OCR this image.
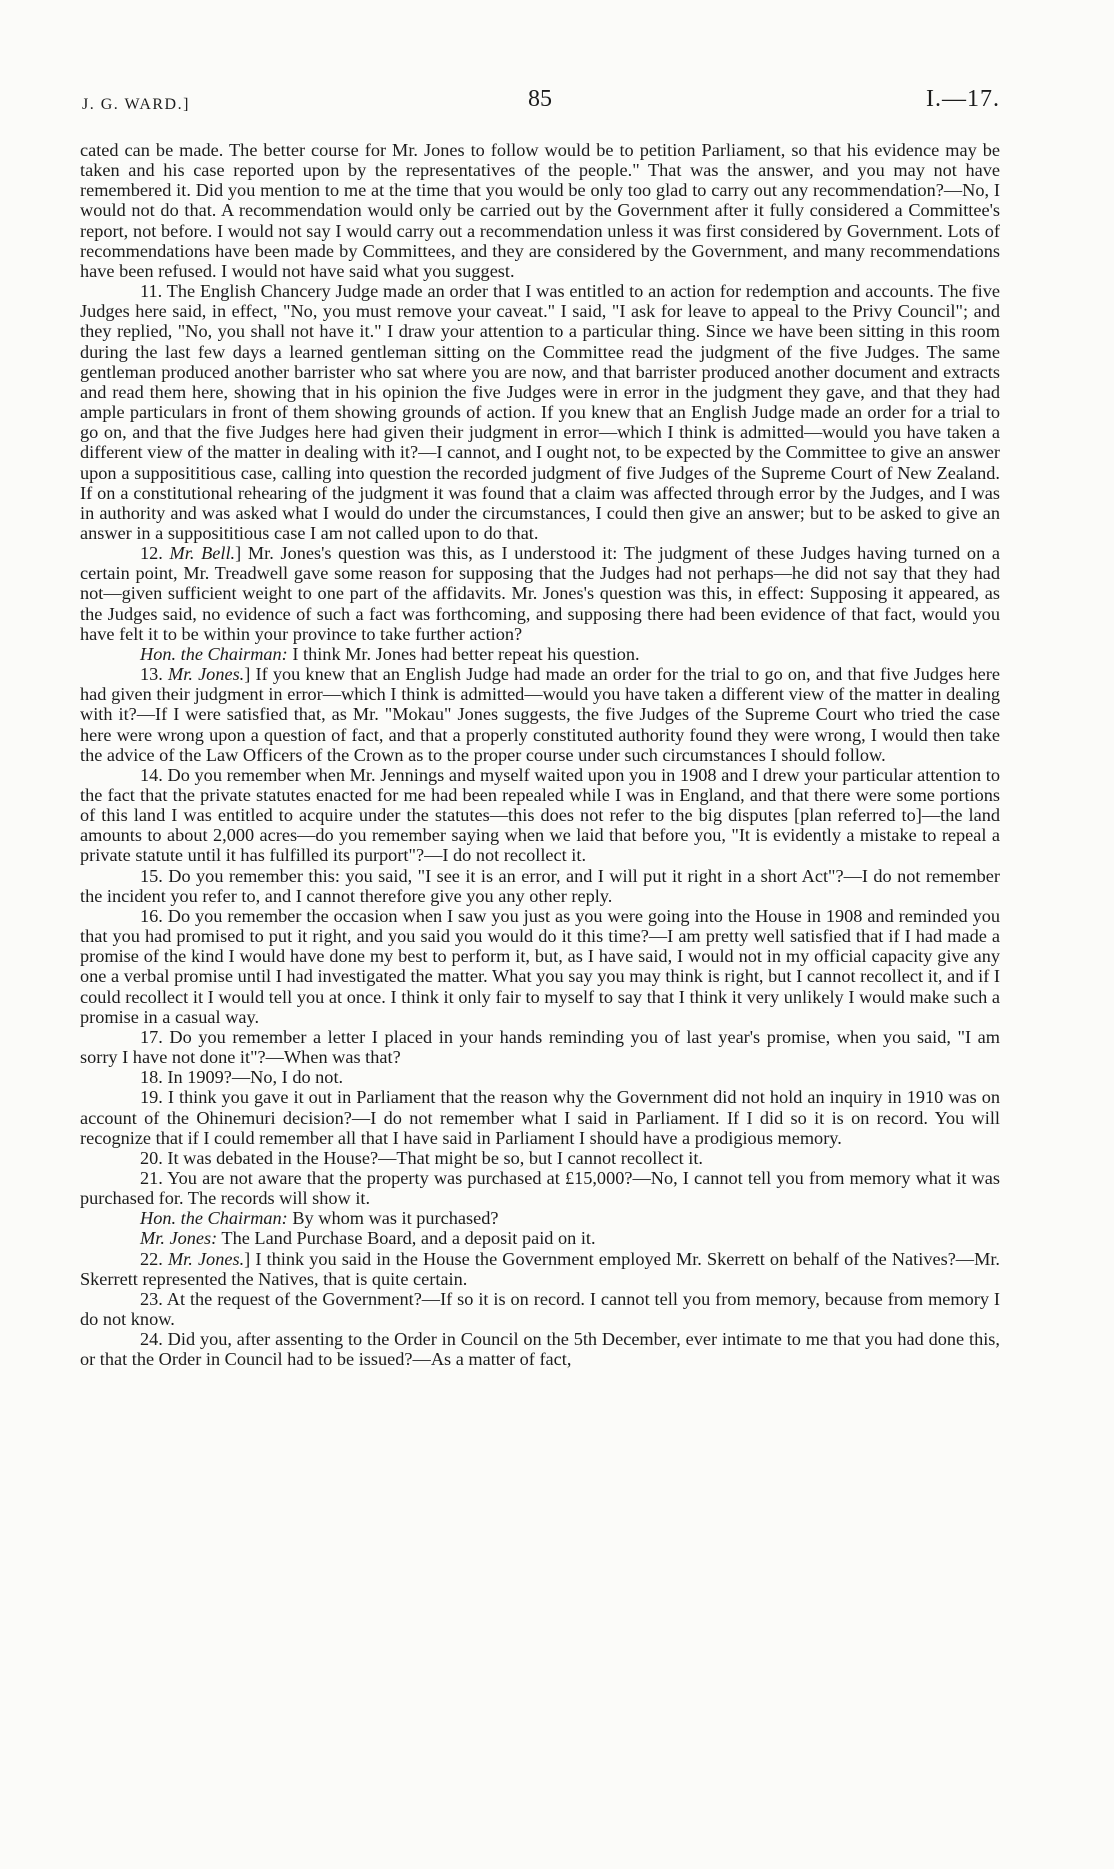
J. G. WARD.]	85	I.—17.

cated can be made. The better course for Mr. Jones to follow would be to petition Parliament, so that his evidence may be taken and his case reported upon by the representatives of the people." That was the answer, and you may not have remembered it. Did you mention to me at the time that you would be only too glad to carry out any recommendation?—No, I would not do that. A recommendation would only be carried out by the Government after it fully considered a Committee's report, not before. I would not say I would carry out a recommendation unless it was first considered by Government. Lots of recommendations have been made by Committees, and they are considered by the Government, and many recommendations have been refused. I would not have said what you suggest.

11. The English Chancery Judge made an order that I was entitled to an action for redemption and accounts. The five Judges here said, in effect, "No, you must remove your caveat." I said, "I ask for leave to appeal to the Privy Council"; and they replied, "No, you shall not have it." I draw your attention to a particular thing. Since we have been sitting in this room during the last few days a learned gentleman sitting on the Committee read the judgment of the five Judges. The same gentleman produced another barrister who sat where you are now, and that barrister produced another document and extracts and read them here, showing that in his opinion the five Judges were in error in the judgment they gave, and that they had ample particulars in front of them showing grounds of action. If you knew that an English Judge made an order for a trial to go on, and that the five Judges here had given their judgment in error—which I think is admitted—would you have taken a different view of the matter in dealing with it?—I cannot, and I ought not, to be expected by the Committee to give an answer upon a supposititious case, calling into question the recorded judgment of five Judges of the Supreme Court of New Zealand. If on a constitutional rehearing of the judgment it was found that a claim was affected through error by the Judges, and I was in authority and was asked what I would do under the circumstances, I could then give an answer; but to be asked to give an answer in a supposititious case I am not called upon to do that.

12. Mr. Bell.] Mr. Jones's question was this, as I understood it: The judgment of these Judges having turned on a certain point, Mr. Treadwell gave some reason for supposing that the Judges had not perhaps—he did not say that they had not—given sufficient weight to one part of the affidavits. Mr. Jones's question was this, in effect: Supposing it appeared, as the Judges said, no evidence of such a fact was forthcoming, and supposing there had been evidence of that fact, would you have felt it to be within your province to take further action?

Hon. the Chairman: I think Mr. Jones had better repeat his question.

13. Mr. Jones.] If you knew that an English Judge had made an order for the trial to go on, and that five Judges here had given their judgment in error—which I think is admitted—would you have taken a different view of the matter in dealing with it?—If I were satisfied that, as Mr. "Mokau" Jones suggests, the five Judges of the Supreme Court who tried the case here were wrong upon a question of fact, and that a properly constituted authority found they were wrong, I would then take the advice of the Law Officers of the Crown as to the proper course under such circumstances I should follow.

14. Do you remember when Mr. Jennings and myself waited upon you in 1908 and I drew your particular attention to the fact that the private statutes enacted for me had been repealed while I was in England, and that there were some portions of this land I was entitled to acquire under the statutes—this does not refer to the big disputes [plan referred to]—the land amounts to about 2,000 acres—do you remember saying when we laid that before you, "It is evidently a mistake to repeal a private statute until it has fulfilled its purport"?—I do not recollect it.

15. Do you remember this: you said, "I see it is an error, and I will put it right in a short Act"?—I do not remember the incident you refer to, and I cannot therefore give you any other reply.

16. Do you remember the occasion when I saw you just as you were going into the House in 1908 and reminded you that you had promised to put it right, and you said you would do it this time?—I am pretty well satisfied that if I had made a promise of the kind I would have done my best to perform it, but, as I have said, I would not in my official capacity give any one a verbal promise until I had investigated the matter. What you say you may think is right, but I cannot recollect it, and if I could recollect it I would tell you at once. I think it only fair to myself to say that I think it very unlikely I would make such a promise in a casual way.

17. Do you remember a letter I placed in your hands reminding you of last year's promise, when you said, "I am sorry I have not done it"?—When was that?

18. In 1909?—No, I do not.

19. I think you gave it out in Parliament that the reason why the Government did not hold an inquiry in 1910 was on account of the Ohinemuri decision?—I do not remember what I said in Parliament. If I did so it is on record. You will recognize that if I could remember all that I have said in Parliament I should have a prodigious memory.

20. It was debated in the House?—That might be so, but I cannot recollect it.

21. You are not aware that the property was purchased at £15,000?—No, I cannot tell you from memory what it was purchased for. The records will show it.

Hon. the Chairman: By whom was it purchased?

Mr. Jones: The Land Purchase Board, and a deposit paid on it.

22. Mr. Jones.] I think you said in the House the Government employed Mr. Skerrett on behalf of the Natives?—Mr. Skerrett represented the Natives, that is quite certain.

23. At the request of the Government?—If so it is on record. I cannot tell you from memory, because from memory I do not know.

24. Did you, after assenting to the Order in Council on the 5th December, ever intimate to me that you had done this, or that the Order in Council had to be issued?—As a matter of fact,
